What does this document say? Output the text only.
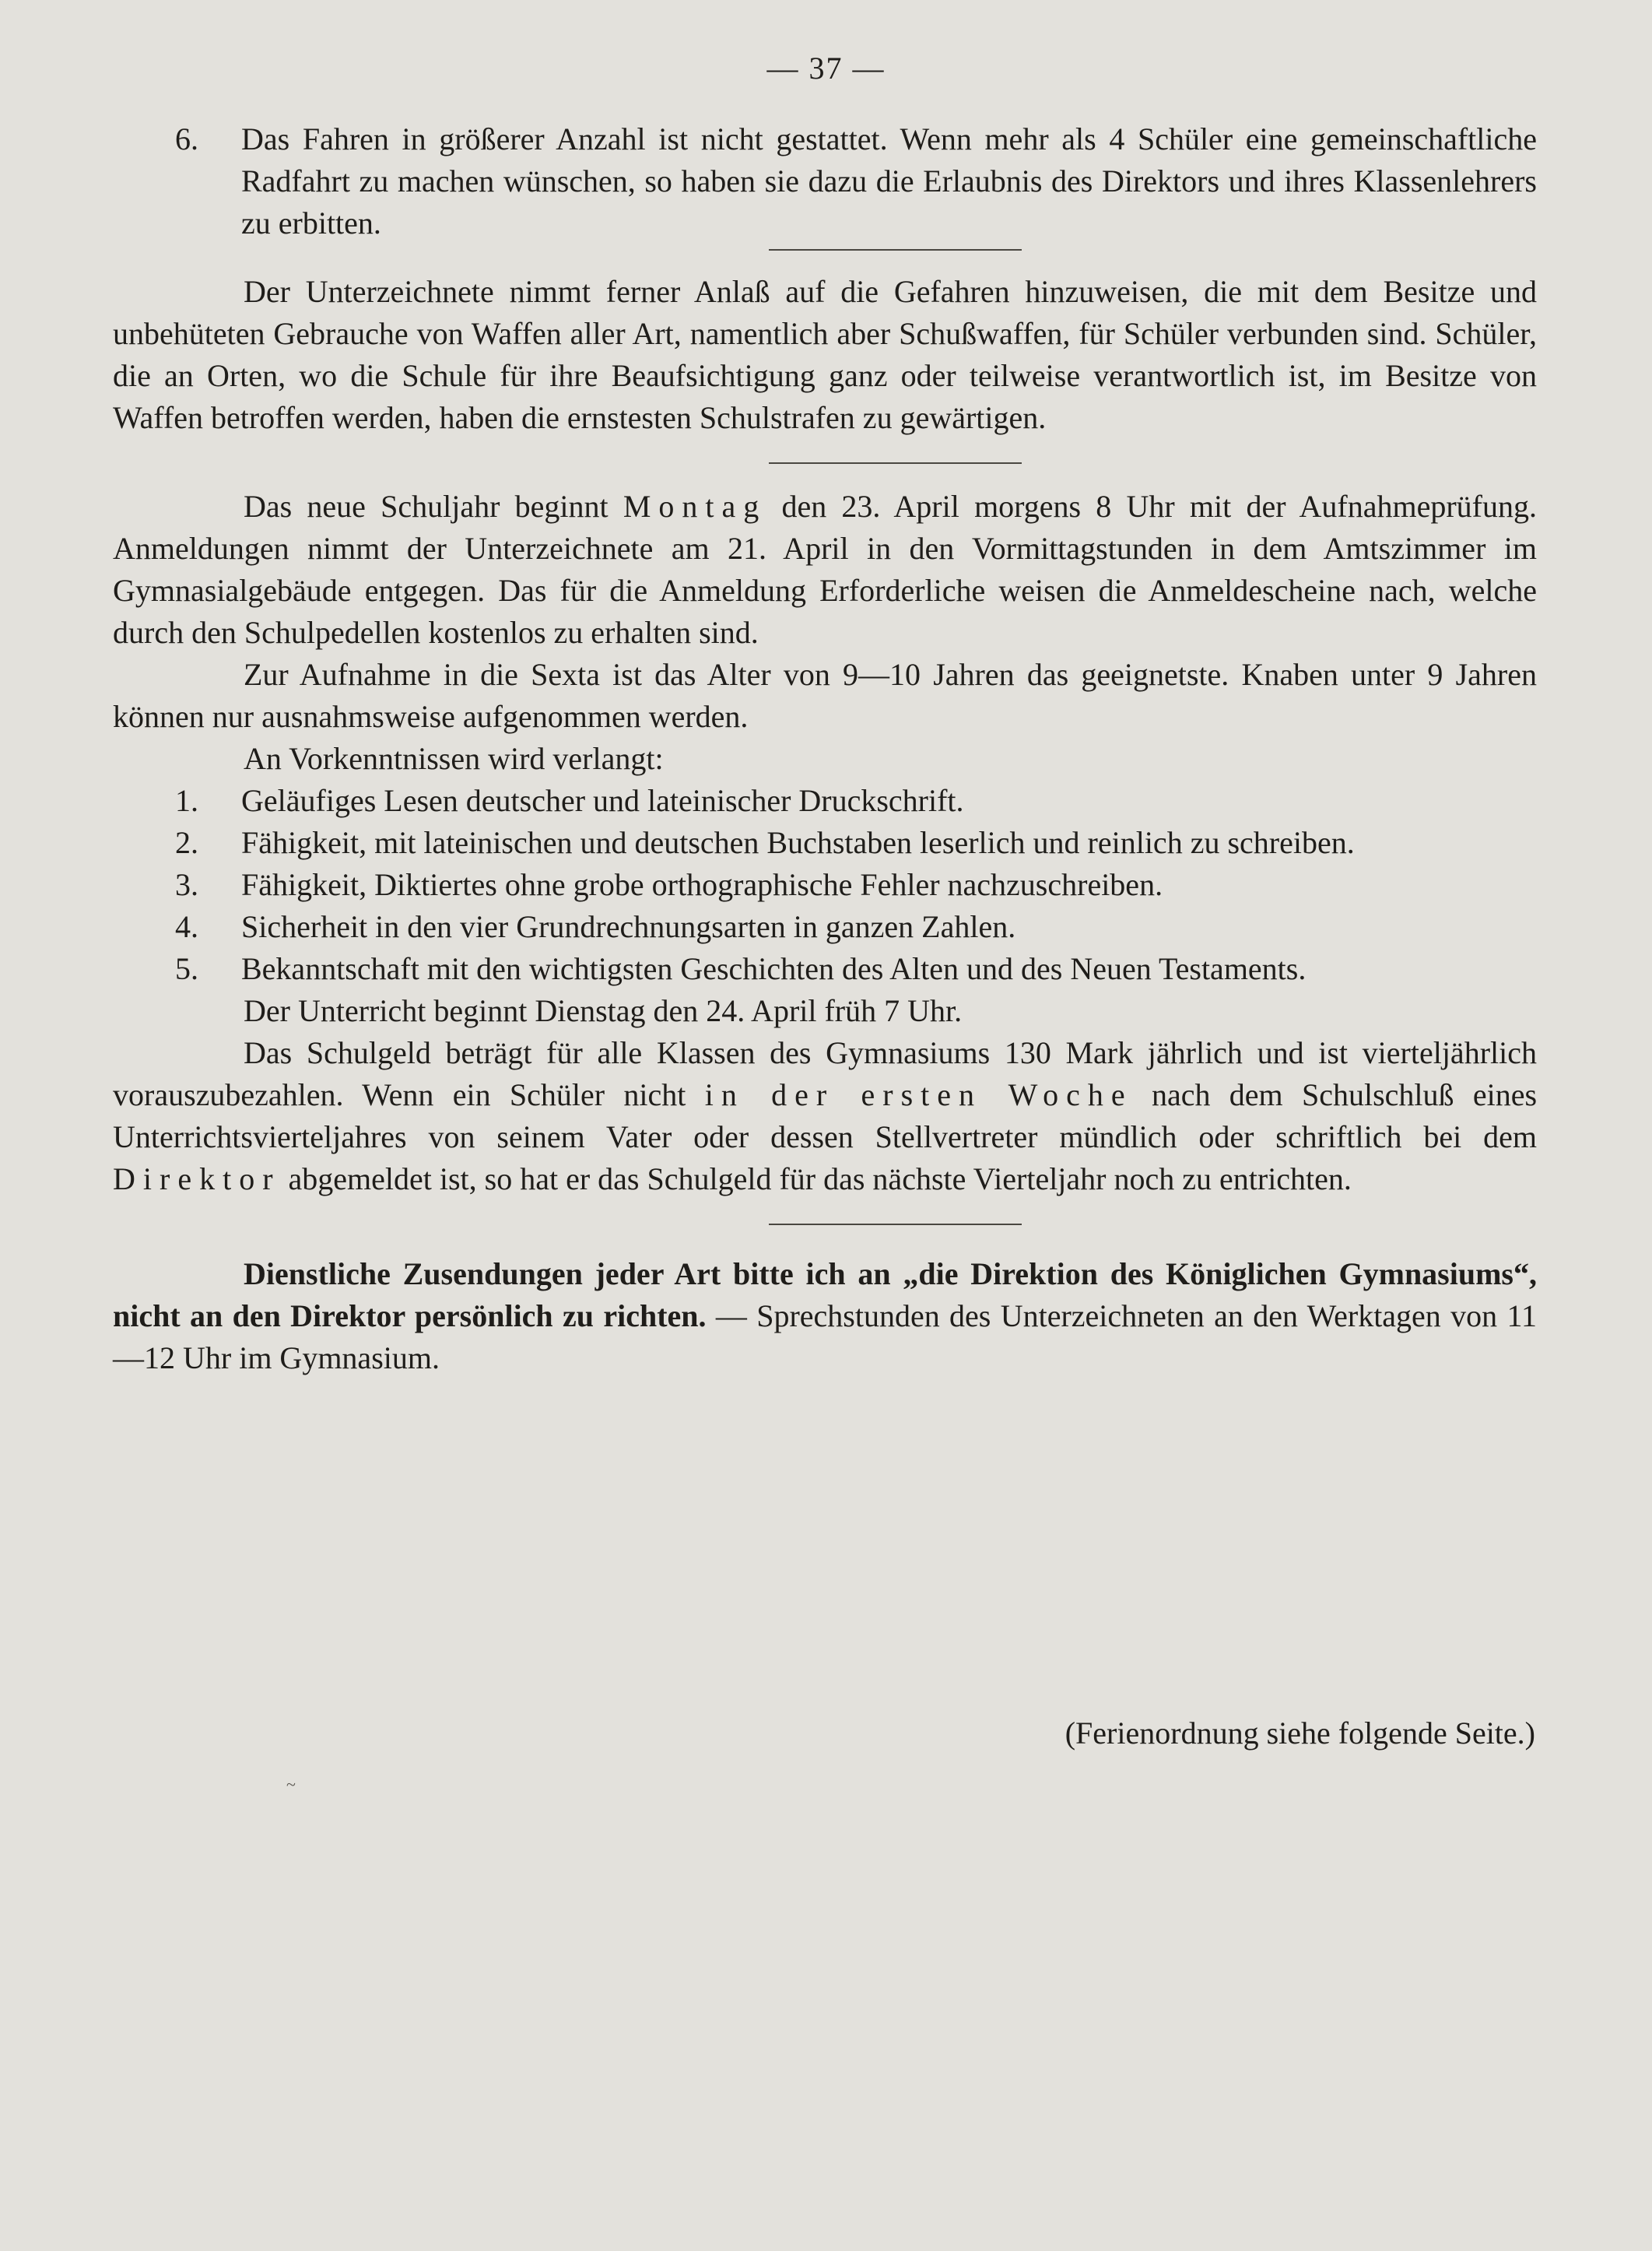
— 37 —

6. Das Fahren in größerer Anzahl ist nicht gestattet. Wenn mehr als 4 Schüler eine gemeinschaftliche Radfahrt zu machen wünschen, so haben sie dazu die Erlaubnis des Direktors und ihres Klassenlehrers zu erbitten.

Der Unterzeichnete nimmt ferner Anlaß auf die Gefahren hinzuweisen, die mit dem Besitze und unbehüteten Gebrauche von Waffen aller Art, namentlich aber Schußwaffen, für Schüler verbunden sind. Schüler, die an Orten, wo die Schule für ihre Beaufsichtigung ganz oder teilweise verantwortlich ist, im Besitze von Waffen betroffen werden, haben die ernstesten Schulstrafen zu gewärtigen.

Das neue Schuljahr beginnt Montag den 23. April morgens 8 Uhr mit der Aufnahmeprüfung. Anmeldungen nimmt der Unterzeichnete am 21. April in den Vormittagstunden in dem Amtszimmer im Gymnasialgebäude entgegen. Das für die Anmeldung Erforderliche weisen die Anmeldescheine nach, welche durch den Schulpedellen kostenlos zu erhalten sind.

Zur Aufnahme in die Sexta ist das Alter von 9—10 Jahren das geeignetste. Knaben unter 9 Jahren können nur ausnahmsweise aufgenommen werden.

An Vorkenntnissen wird verlangt:

1. Geläufiges Lesen deutscher und lateinischer Druckschrift.

2. Fähigkeit, mit lateinischen und deutschen Buchstaben leserlich und reinlich zu schreiben.

3. Fähigkeit, Diktiertes ohne grobe orthographische Fehler nachzuschreiben.

4. Sicherheit in den vier Grundrechnungsarten in ganzen Zahlen.

5. Bekanntschaft mit den wichtigsten Geschichten des Alten und des Neuen Testaments.

Der Unterricht beginnt Dienstag den 24. April früh 7 Uhr.

Das Schulgeld beträgt für alle Klassen des Gymnasiums 130 Mark jährlich und ist vierteljährlich vorauszubezahlen. Wenn ein Schüler nicht in der ersten Woche nach dem Schulschluß eines Unterrichtsvierteljahres von seinem Vater oder dessen Stellvertreter mündlich oder schriftlich bei dem Direktor abgemeldet ist, so hat er das Schulgeld für das nächste Vierteljahr noch zu entrichten.

Dienstliche Zusendungen jeder Art bitte ich an „die Direktion des Königlichen Gymnasiums“, nicht an den Direktor persönlich zu richten. — Sprechstunden des Unterzeichneten an den Werktagen von 11—12 Uhr im Gymnasium.

(Ferienordnung siehe folgende Seite.)
~
